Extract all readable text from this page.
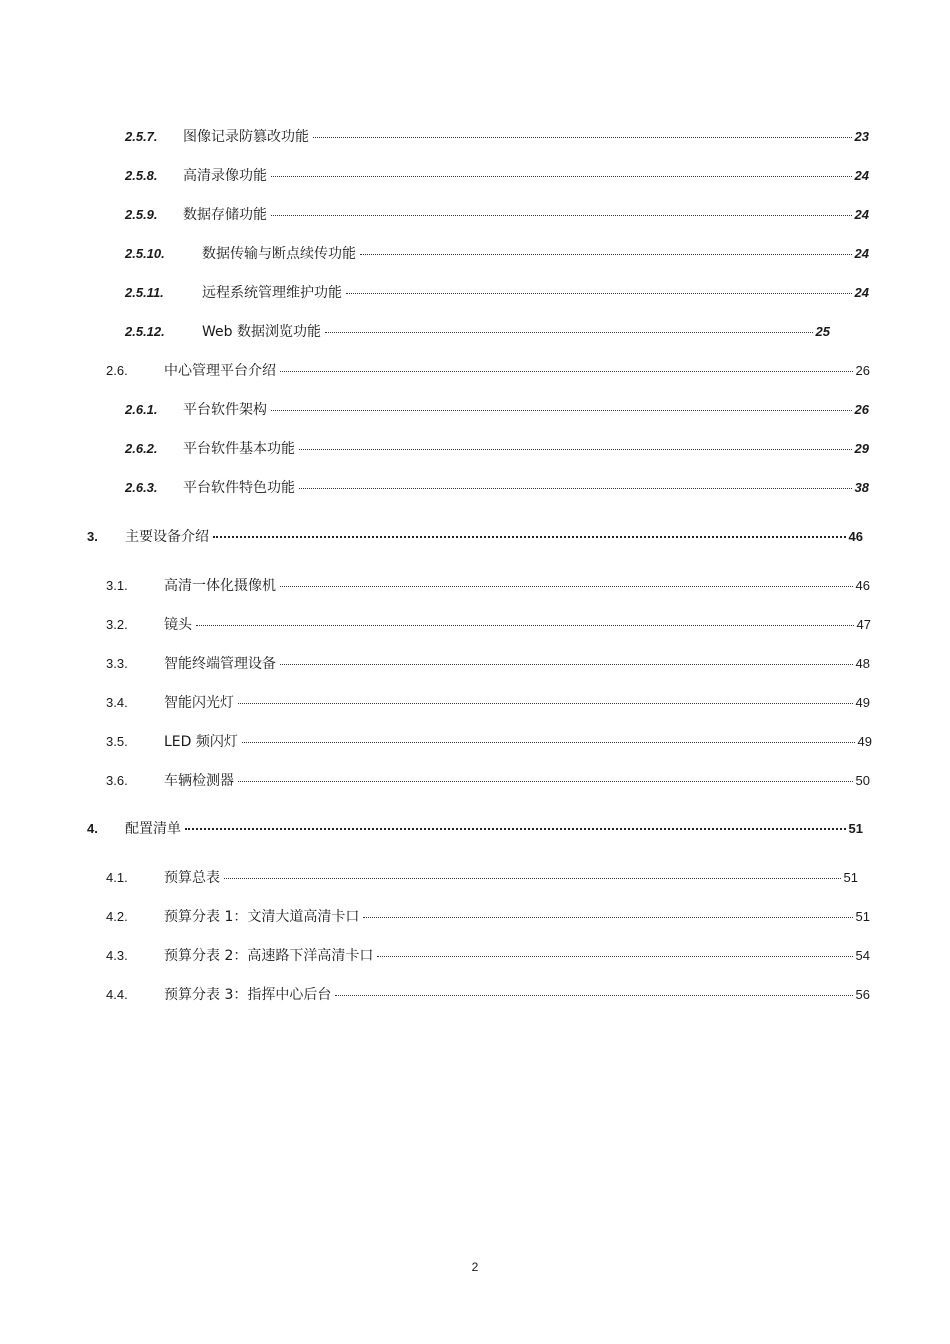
2.5.7.	图像记录防篡改功能	23
2.5.8.	高清录像功能	24
2.5.9.	数据存储功能	24
2.5.10.	数据传输与断点续传功能	24
2.5.11.	远程系统管理维护功能	24
2.5.12.	Web 数据浏览功能	25
2.6.	中心管理平台介绍	26
2.6.1.	平台软件架构	26
2.6.2.	平台软件基本功能	29
2.6.3.	平台软件特色功能	38
3.	主要设备介绍	46
3.1.	高清一体化摄像机	46
3.2.	镜头	47
3.3.	智能终端管理设备	48
3.4.	智能闪光灯	49
3.5.	LED 频闪灯	49
3.6.	车辆检测器	50
4.	配置清单	51
4.1.	预算总表	51
4.2.	预算分表 1：文清大道高清卡口	51
4.3.	预算分表 2：高速路下洋高清卡口	54
4.4.	预算分表 3：指挥中心后台	56
2
